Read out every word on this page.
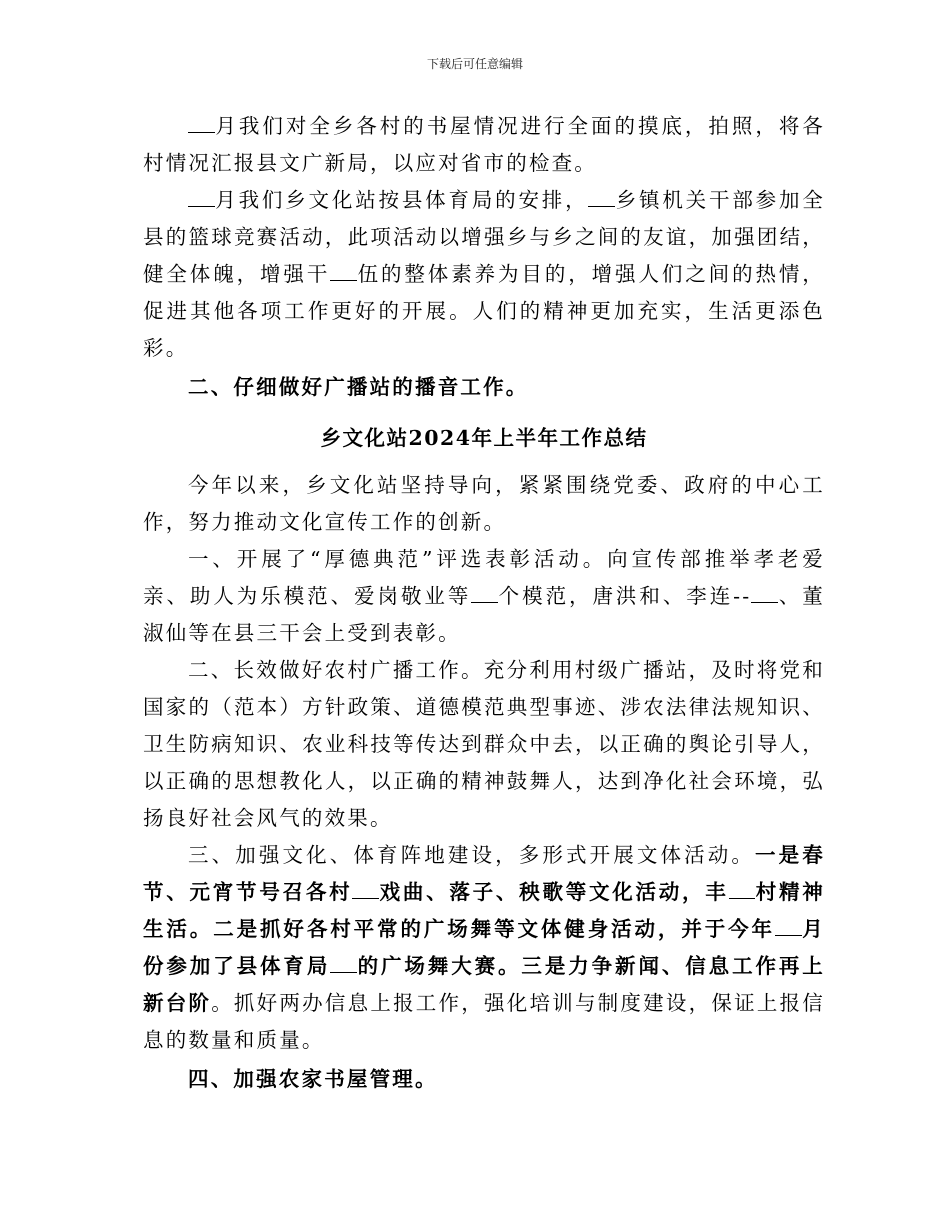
下载后可任意编辑

月我们对全乡各村的书屋情况进行全面的摸底，拍照，将各村情况汇报县文广新局，以应对省市的检查。

月我们乡文化站按县体育局的安排， 乡镇机关干部参加全县的篮球竞赛活动，此项活动以增强乡与乡之间的友谊，加强团结，健全体魄，增强干 伍的整体素养为目的，增强人们之间的热情，促进其他各项工作更好的开展。人们的精神更加充实，生活更添色彩。

二、仔细做好广播站的播音工作。

乡文化站2024年上半年工作总结

今年以来，乡文化站坚持导向，紧紧围绕党委、政府的中心工作，努力推动文化宣传工作的创新。

一、开展了“厚德典范”评选表彰活动。向宣传部推举孝老爱亲、助人为乐模范、爱岗敬业等 个模范，唐洪和、李连-- 、董淑仙等在县三干会上受到表彰。

二、长效做好农村广播工作。充分利用村级广播站，及时将党和国家的（范本）方针政策、道德模范典型事迹、涉农法律法规知识、卫生防病知识、农业科技等传达到群众中去，以正确的舆论引导人，以正确的思想教化人，以正确的精神鼓舞人，达到净化社会环境，弘扬良好社会风气的效果。

三、加强文化、体育阵地建设，多形式开展文体活动。一是春节、元宵节号召各村 戏曲、落子、秧歌等文化活动，丰 村精神生活。二是抓好各村平常的广场舞等文体健身活动，并于今年 月份参加了县体育局 的广场舞大赛。三是力争新闻、信息工作再上新台阶。抓好两办信息上报工作，强化培训与制度建设，保证上报信息的数量和质量。

四、加强农家书屋管理。
